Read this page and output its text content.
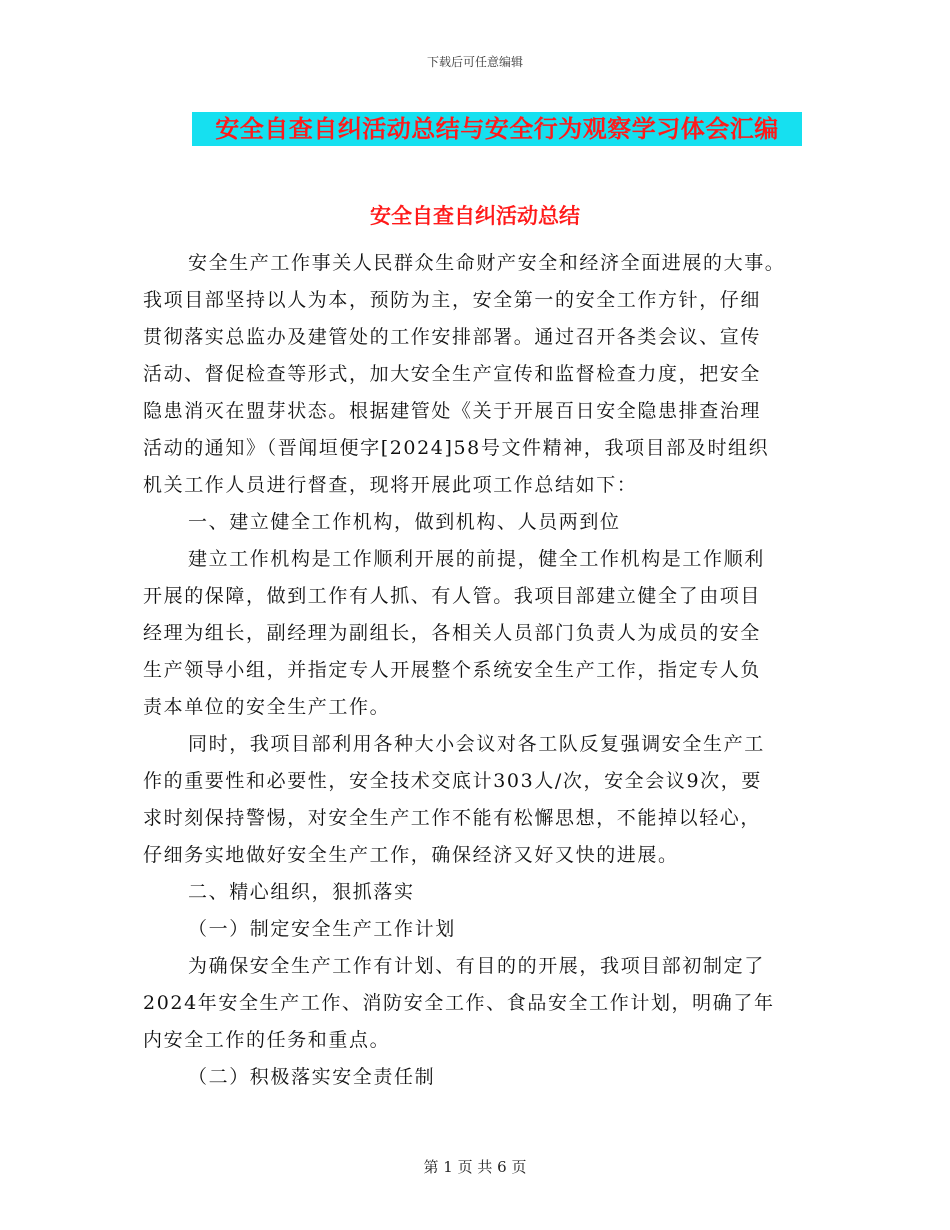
下载后可任意编辑
安全自查自纠活动总结与安全行为观察学习体会汇编
安全自查自纠活动总结

安全生产工作事关人民群众生命财产安全和经济全面进展的大事。

我项目部坚持以人为本，预防为主，安全第一的安全工作方针，仔细

贯彻落实总监办及建管处的工作安排部署。通过召开各类会议、宣传

活动、督促检查等形式，加大安全生产宣传和监督检查力度，把安全

隐患消灭在盟芽状态。根据建管处《关于开展百日安全隐患排查治理

活动的通知》（晋闻垣便字[2024]58号文件精神，我项目部及时组织

机关工作人员进行督查，现将开展此项工作总结如下：

一、建立健全工作机构，做到机构、人员两到位

建立工作机构是工作顺利开展的前提，健全工作机构是工作顺利

开展的保障，做到工作有人抓、有人管。我项目部建立健全了由项目

经理为组长，副经理为副组长，各相关人员部门负责人为成员的安全

生产领导小组，并指定专人开展整个系统安全生产工作，指定专人负

责本单位的安全生产工作。

同时，我项目部利用各种大小会议对各工队反复强调安全生产工

作的重要性和必要性，安全技术交底计303人/次，安全会议9次，要

求时刻保持警惕，对安全生产工作不能有松懈思想，不能掉以轻心，

仔细务实地做好安全生产工作，确保经济又好又快的进展。

二、精心组织，狠抓落实

（一）制定安全生产工作计划

为确保安全生产工作有计划、有目的的开展，我项目部初制定了

2024年安全生产工作、消防安全工作、食品安全工作计划，明确了年

内安全工作的任务和重点。

（二）积极落实安全责任制

第 1 页 共 6 页
